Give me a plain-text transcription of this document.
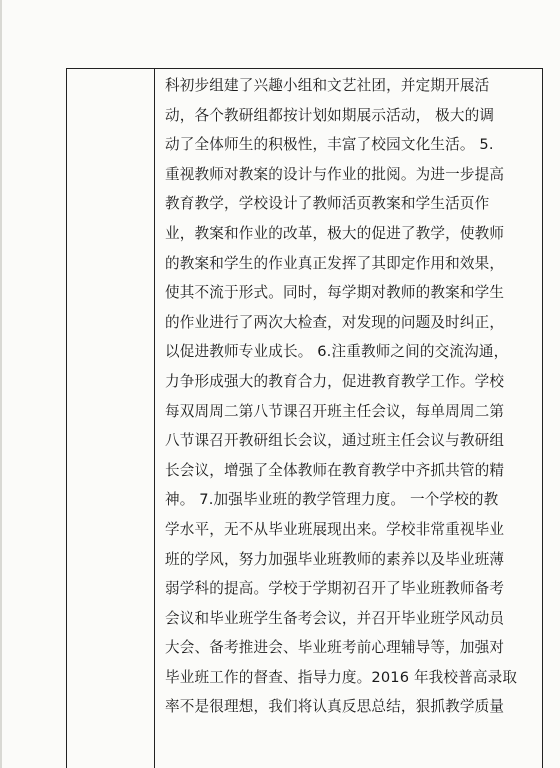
科初步组建了兴趣小组和文艺社团，并定期开展活
动，各个教研组都按计划如期展示活动， 极大的调
动了全体师生的积极性，丰富了校园文化生活。 5.
重视教师对教案的设计与作业的批阅。为进一步提高
教育教学，学校设计了教师活页教案和学生活页作
业，教案和作业的改革，极大的促进了教学，使教师
的教案和学生的作业真正发挥了其即定作用和效果，
使其不流于形式。同时，每学期对教师的教案和学生
的作业进行了两次大检查，对发现的问题及时纠正，
以促进教师专业成长。 6.注重教师之间的交流沟通，
力争形成强大的教育合力，促进教育教学工作。学校
每双周周二第八节课召开班主任会议，每单周周二第
八节课召开教研组长会议，通过班主任会议与教研组
长会议，增强了全体教师在教育教学中齐抓共管的精
神。 7.加强毕业班的教学管理力度。 一个学校的教
学水平，无不从毕业班展现出来。学校非常重视毕业
班的学风，努力加强毕业班教师的素养以及毕业班薄
弱学科的提高。学校于学期初召开了毕业班教师备考
会议和毕业班学生备考会议，并召开毕业班学风动员
大会、备考推进会、毕业班考前心理辅导等，加强对
毕业班工作的督查、指导力度。2016 年我校普高录取
率不是很理想，我们将认真反思总结，狠抓教学质量
